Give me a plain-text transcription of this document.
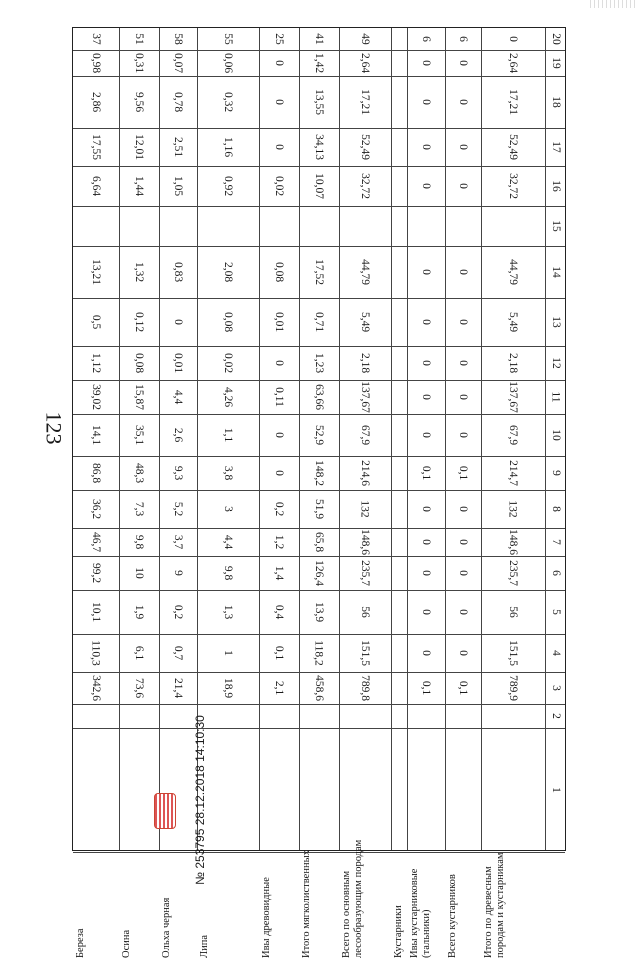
123
20
19
18
17
16
15
14
13
12
11
10
9
8
7
6
5
4
3
2
1
Береза
342,6
110,3
10,1
99,2
46,7
36,2
86,8
14,1
39,02
1,12
0,5
13,21
6,64
17,55
2,86
0,98
37
Осина
73,6
6,1
1,9
10
9,8
7,3
48,3
35,1
15,87
0,08
0,12
1,32
1,44
12,01
9,56
0,31
51
Ольха черная
21,4
0,7
0,2
9
3,7
5,2
9,3
2,6
4,4
0,01
0
0,83
1,05
2,51
0,78
0,07
58
Липа
18,9
1
1,3
9,8
4,4
3
3,8
1,1
4,26
0,02
0,08
2,08
0,92
1,16
0,32
0,06
55
Ивы древовидные
2,1
0,1
0,4
1,4
1,2
0,2
0
0
0,11
0
0,01
0,08
0,02
0
0
0
25
Итого мягколиственных
458,6
118,2
13,9
126,4
65,8
51,9
148,2
52,9
63,66
1,23
0,71
17,52
10,07
34,13
13,55
1,42
41
Всего по основным лесообразующим породам
789,8
151,5
56
235,7
148,6
132
214,6
67,9
137,67
2,18
5,49
44,79
32,72
52,49
17,21
2,64
49
Кустарники Ивы кустарниковые (тальники)
0,1
0
0
0
0
0
0,1
0
0
0
0
0
0
0
0
0
6
Всего кустарников
0,1
0
0
0
0
0
0,1
0
0
0
0
0
0
0
0
0
6
Итого по древесным породам и кустарникам
789,9
151,5
56
235,7
148,6
132
214,7
67,9
137,67
2,18
5,49
44,79
32,72
52,49
17,21
2,64
0
№ 253795 28.12.2018 14:10:30
